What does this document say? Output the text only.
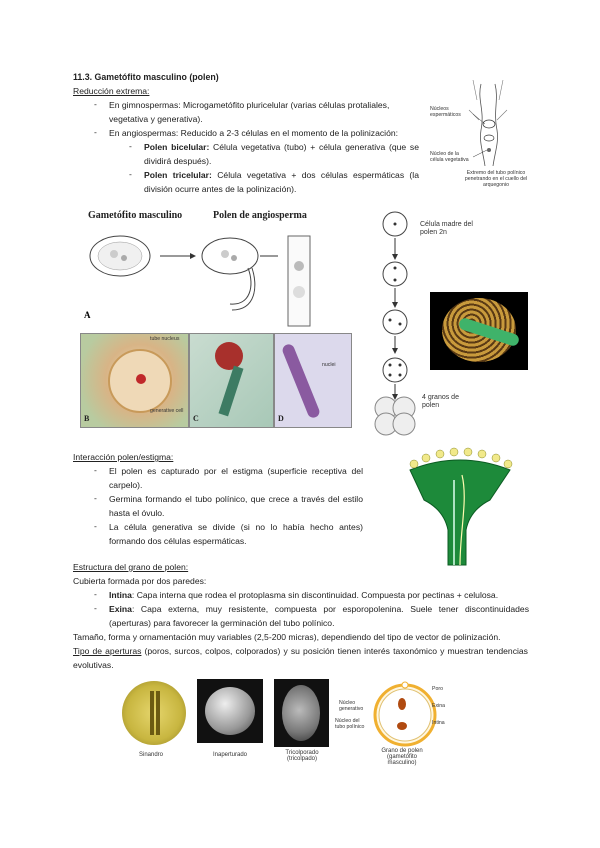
11.3. Gametófito masculino (polen)
Reducción extrema:
- En gimnospermas: Microgametófito pluricelular (varias células protaliales, vegetativa y generativa).
- En angiospermas: Reducido a 2-3 células en el momento de la polinización:
- Polen bicelular: Célula vegetativa (tubo) + célula generativa (que se dividirá después).
- Polen tricelular: Célula vegetativa + dos células espermáticas (la división ocurre antes de la polinización).
Núcleos espermáticos
Núcleo de la célula vegetativa
Extremo del tubo polínico penetrando en el cuello del arquegonio
Gametófito masculino	Polen de angiosperma
A
B
tube nucleus
generative cell
C	D
nuclei
Célula madre del polen 2n
4 granos de polen
Interacción polen/estigma:
- El polen es capturado por el estigma (superficie receptiva del carpelo).
- Germina formando el tubo polínico, que crece a través del estilo hasta el óvulo.
- La célula generativa se divide (si no lo había hecho antes) formando dos células espermáticas.
Estructura del grano de polen:
Cubierta formada por dos paredes:
- Intina: Capa interna que rodea el protoplasma sin discontinuidad. Compuesta por pectinas + celulosa.
- Exina: Capa externa, muy resistente, compuesta por esporopolenina. Suele tener discontinuidades (aperturas) para favorecer la germinación del tubo polínico.
Tamaño, forma y ornamentación muy variables (2,5-200 micras), dependiendo del tipo de vector de polinización.
Tipo de aperturas (poros, surcos, colpos, colporados) y su posición tienen interés taxonómico y muestran tendencias evolutivas.
Sinandro	Inaperturado	Tricolporado (tricolpado)
Núcleo generativo
Núcleo del tubo polínico
Poro
Exina
Intina
Grano de polen (gametófito masculino)
